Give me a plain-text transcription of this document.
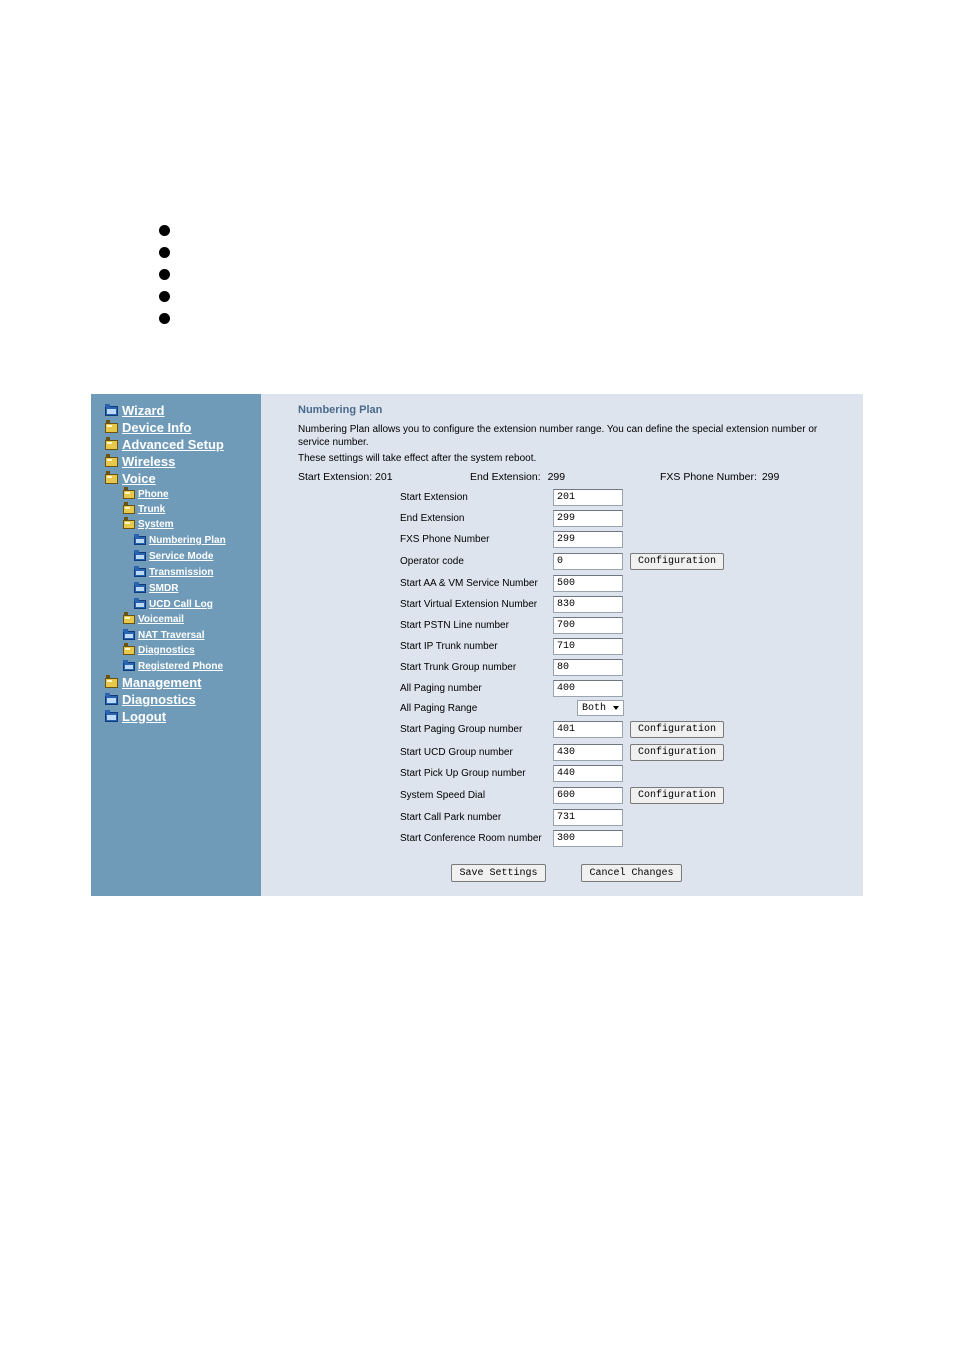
Wizard
Device Info
Advanced Setup
Wireless
Voice
Phone
Trunk
System
Numbering Plan
Service Mode
Transmission
SMDR
UCD Call Log
Voicemail
NAT Traversal
Diagnostics
Registered Phone
Management
Diagnostics
Logout
Numbering Plan
Numbering Plan allows you to configure the extension number range. You can define the special extension number or service number.
These settings will take effect after the system reboot.
Start Extension: 201	End Extension: 299	FXS Phone Number: 299
Start Extension
201
End Extension
299
FXS Phone Number
299
Operator code
0	Configuration
Start AA & VM Service Number
500
Start Virtual Extension Number
830
Start PSTN Line number
700
Start IP Trunk number
710
Start Trunk Group number
80
All Paging number
400
All Paging Range	Both
Start Paging Group number
401	Configuration
Start UCD Group number
430	Configuration
Start Pick Up Group number
440
System Speed Dial
600	Configuration
Start Call Park number
731
Start Conference Room number
300
Save Settings	Cancel Changes
